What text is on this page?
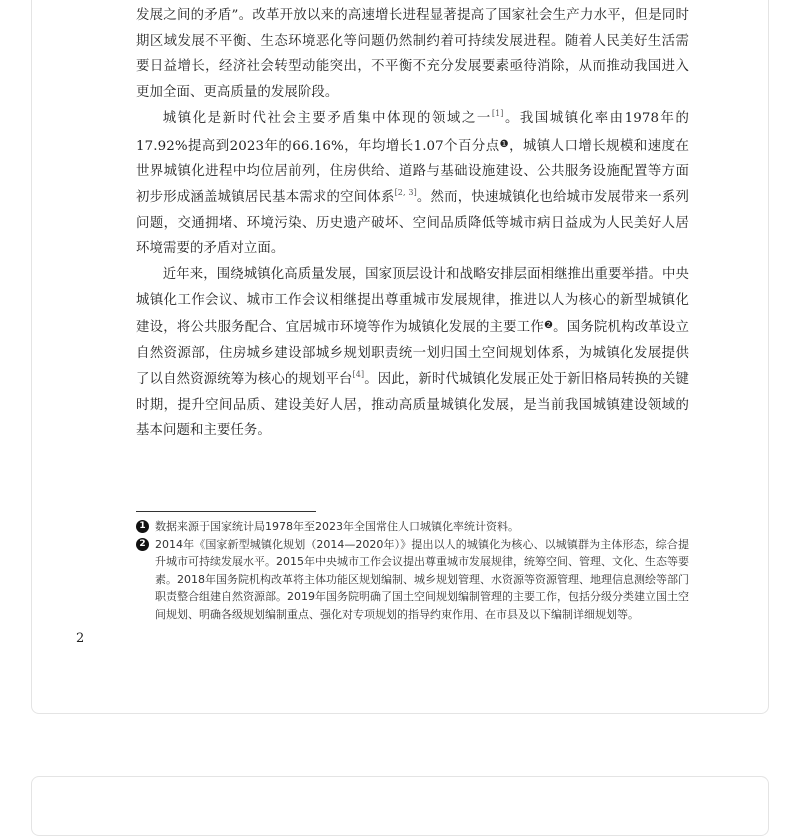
发展之间的矛盾”。改革开放以来的高速增长进程显著提高了国家社会生产力水平，但是同时期区域发展不平衡、生态环境恶化等问题仍然制约着可持续发展进程。随着人民美好生活需要日益增长，经济社会转型动能突出，不平衡不充分发展要素亟待消除，从而推动我国进入更加全面、更高质量的发展阶段。

城镇化是新时代社会主要矛盾集中体现的领域之一[1]。我国城镇化率由1978年的17.92%提高到2023年的66.16%，年均增长1.07个百分点$^❶$，城镇人口增长规模和速度在世界城镇化进程中均位居前列，住房供给、道路与基础设施建设、公共服务设施配置等方面初步形成涵盖城镇居民基本需求的空间体系[2, 3]。然而，快速城镇化也给城市发展带来一系列问题，交通拥堵、环境污染、历史遗产破坏、空间品质降低等城市病日益成为人民美好人居环境需要的矛盾对立面。

近年来，围绕城镇化高质量发展，国家顶层设计和战略安排层面相继推出重要举措。中央城镇化工作会议、城市工作会议相继提出尊重城市发展规律，推进以人为核心的新型城镇化建设，将公共服务配合、宜居城市环境等作为城镇化发展的主要工作$^❷$。国务院机构改革设立自然资源部，住房城乡建设部城乡规划职责统一划归国土空间规划体系，为城镇化发展提供了以自然资源统筹为核心的规划平台[4]。因此，新时代城镇化发展正处于新旧格局转换的关键时期，提升空间品质、建设美好人居，推动高质量城镇化发展，是当前我国城镇建设领域的基本问题和主要任务。

1 数据来源于国家统计局1978年至2023年全国常住人口城镇化率统计资料。
2 2014年《国家新型城镇化规划（2014—2020年）》提出以人的城镇化为核心、以城镇群为主体形态，综合提升城市可持续发展水平。2015年中央城市工作会议提出尊重城市发展规律，统筹空间、管理、文化、生态等要素。2018年国务院机构改革将主体功能区规划编制、城乡规划管理、水资源等资源管理、地理信息测绘等部门职责整合组建自然资源部。2019年国务院明确了国土空间规划编制管理的主要工作，包括分级分类建立国土空间规划、明确各级规划编制重点、强化对专项规划的指导约束作用、在市县及以下编制详细规划等。
2
